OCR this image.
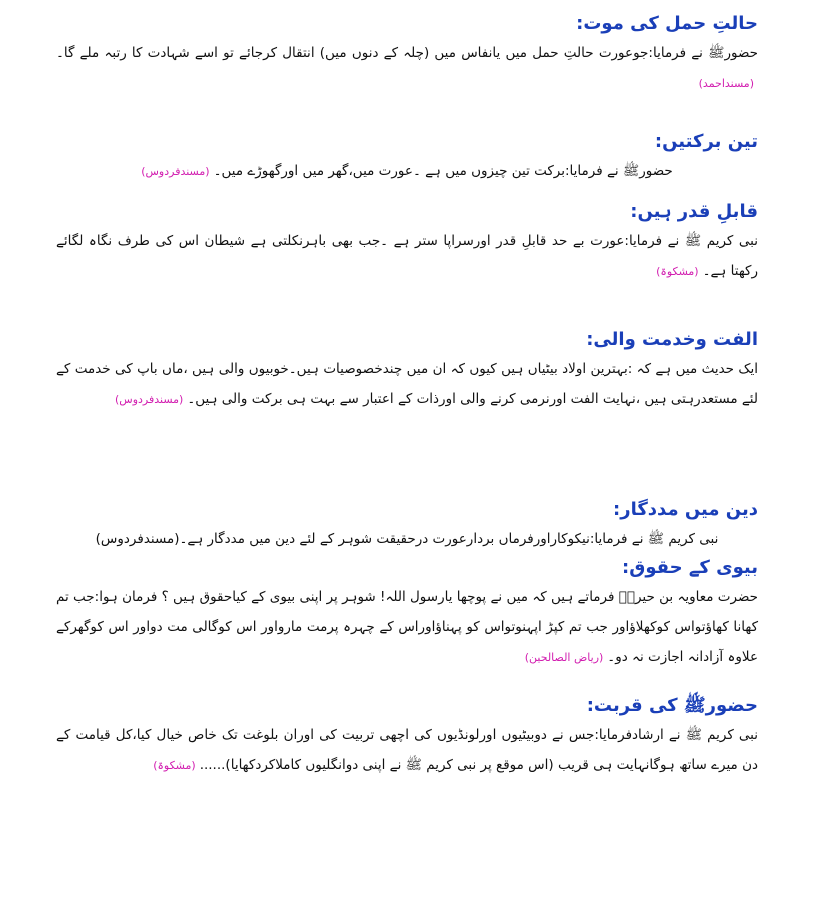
حالتِ حمل کی موت:

حضورﷺ نے فرمایا:جوعورت حالتِ حمل میں یانفاس میں (چلہ کے دنوں میں) انتقال کرجائے تو اسے شہادت کا رتبہ ملے گا۔(مسنداحمد)

تین برکتیں:

حضورﷺ نے فرمایا:برکت تین چیزوں میں ہے ۔عورت میں،گھر میں اورگھوڑے میں۔(مسندفردوس)

قابلِ قدر ہیں:

نبی کریم ﷺ نے فرمایا:عورت بے حد قابلِ قدر اورسراپا ستر ہے ۔جب بھی باہرنکلتی ہے شیطان اس کی طرف نگاہ لگائے رکھتا ہے۔(مشکوۃ)

الفت وخدمت والی:

ایک حدیث میں ہے کہ :بہترین اولاد بیٹیاں ہیں کیوں کہ ان میں چندخصوصیات ہیں۔خوبیوں والی ہیں ،ماں باپ کی خدمت کے لئے مستعدرہتی ہیں ،نہایت الفت اورنرمی کرنے والی اورذات کے اعتبار سے بہت ہی برکت والی ہیں۔(مسندفردوس)

دین میں مددگار:

نبی کریم ﷺ نے فرمایا:نیکوکاراورفرماں بردارعورت درحقیقت شوہر کے لئے دین میں مددگار ہے۔(مسندفردوس)

بیوی کے حقوق:

حضرت معاویہ بن حیرہؓ فرماتے ہیں کہ میں نے پوچھا یارسول اللہ! شوہر پر اپنی بیوی کے کیاحقوق ہیں ؟ فرمان ہوا:جب تم کھانا کھاؤتواس کوکھلاؤاور جب تم کپڑ اپہنوتواس کو پہناؤاوراس کے چہرہ پرمت مارواور اس کوگالی مت دواور اس کوگھرکے علاوہ آزادانہ اجازت نہ دو۔(ریاض الصالحین)

حضورﷺ کی قربت:

نبی کریم ﷺ نے ارشادفرمایا:جس نے دوبیٹیوں اورلونڈیوں کی اچھی تربیت کی اوران بلوغت تک خاص خیال کیا،کل قیامت کے دن میرے ساتھ ہوگانہایت ہی قریب (اس موقع پر نبی کریم ﷺ نے اپنی دوانگلیوں کاملاکردکھایا)......(مشکوۃ)
